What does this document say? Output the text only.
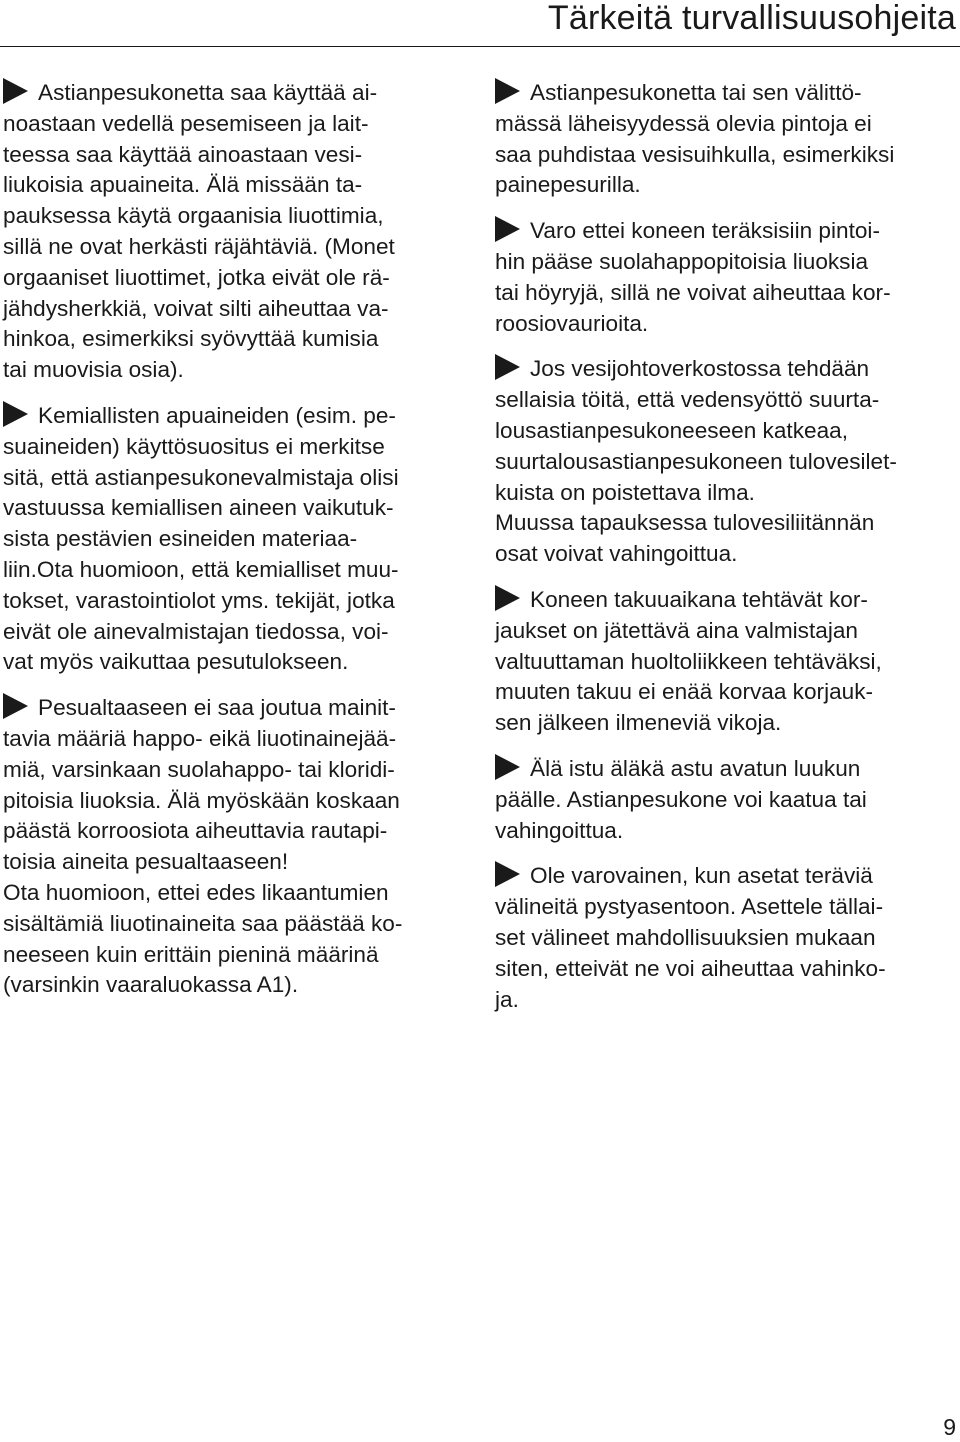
Tärkeitä turvallisuusohjeita

Astianpesukonetta saa käyttää ai-
noastaan vedellä pesemiseen ja lait-
teessa saa käyttää ainoastaan vesi-
liukoisia apuaineita. Älä missään ta-
pauksessa käytä orgaanisia liuottimia,
sillä ne ovat herkästi räjähtäviä. (Monet
orgaaniset liuottimet, jotka eivät ole rä-
jähdysherkkiä, voivat silti aiheuttaa va-
hinkoa, esimerkiksi syövyttää kumisia
tai muovisia osia).

Kemiallisten apuaineiden (esim. pe-
suaineiden) käyttösuositus ei merkitse
sitä, että astianpesukonevalmistaja olisi
vastuussa kemiallisen aineen vaikutuk-
sista pestävien esineiden materiaa-
liin.Ota huomioon, että kemialliset muu-
tokset, varastointiolot yms. tekijät, jotka
eivät ole ainevalmistajan tiedossa, voi-
vat myös vaikuttaa pesutulokseen.

Pesualtaaseen ei saa joutua mainit-
tavia määriä happo- eikä liuotinainejää-
miä, varsinkaan suolahappo- tai kloridi-
pitoisia liuoksia. Älä myöskään koskaan
päästä korroosiota aiheuttavia rautapi-
toisia aineita pesualtaaseen!
Ota huomioon, ettei edes likaantumien
sisältämiä liuotinaineita saa päästää ko-
neeseen kuin erittäin pieninä määrinä
(varsinkin vaaraluokassa A1).

Astianpesukonetta tai sen välittö-
mässä läheisyydessä olevia pintoja ei
saa puhdistaa vesisuihkulla, esimerkiksi
painepesurilla.

Varo ettei koneen teräksisiin pintoi-
hin pääse suolahappopitoisia liuoksia
tai höyryjä, sillä ne voivat aiheuttaa kor-
roosiovaurioita.

Jos vesijohtoverkostossa tehdään
sellaisia töitä, että vedensyöttö suurta-
lousastianpesukoneeseen katkeaa,
suurtalousastianpesukoneen tulovesilet-
kuista on poistettava ilma.
Muussa tapauksessa tulovesiliitännän
osat voivat vahingoittua.

Koneen takuuaikana tehtävät kor-
jaukset on jätettävä aina valmistajan
valtuuttaman huoltoliikkeen tehtäväksi,
muuten takuu ei enää korvaa korjauk-
sen jälkeen ilmeneviä vikoja.

Älä istu äläkä astu avatun luukun
päälle. Astianpesukone voi kaatua tai
vahingoittua.

Ole varovainen, kun asetat teräviä
välineitä pystyasentoon. Asettele tällai-
set välineet mahdollisuuksien mukaan
siten, etteivät ne voi aiheuttaa vahinko-
ja.

9
